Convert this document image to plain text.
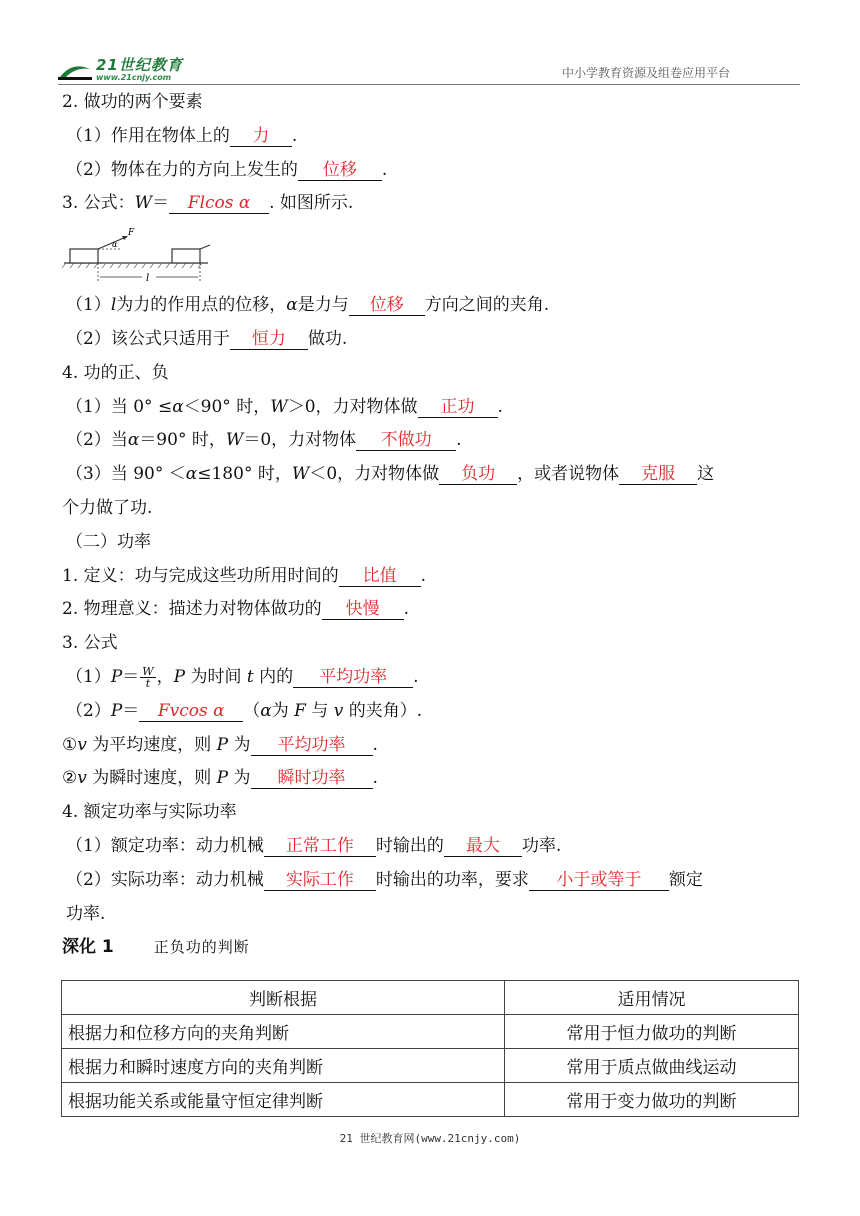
21世纪教育
www.21cnjy.com	中小学教育资源及组卷应用平台
2. 做功的两个要素
（1）作用在物体上的 力 .
（2）物体在力的方向上发生的 位移 .
3. 公式：W＝ Flcos α . 如图所示.
F
α
l
（1）l为力的作用点的位移，α是力与 位移 方向之间的夹角.
（2）该公式只适用于 恒力 做功.
4. 功的正、负
（1）当 0° ≤α＜90° 时，W＞0，力对物体做 正功 .
（2）当α＝90° 时，W＝0，力对物体 不做功 .
（3）当 90° ＜α≤180° 时，W＜0，力对物体做 负功 ，或者说物体 克服 这
个力做了功.
（二）功率
1. 定义：功与完成这些功所用时间的 比值 .
2. 物理意义：描述力对物体做功的 快慢 .
3. 公式
$(1)P= \frac{W}{t}$ ，P 为时间 t 内的 平均功率 .
（2）P＝ Fvcos α （α为 F 与 v 的夹角）.
①v 为平均速度，则 P 为 平均功率 .
②v 为瞬时速度，则 P 为 瞬时功率 .
4. 额定功率与实际功率
（1）额定功率：动力机械 正常工作 时输出的 最大 功率.
（2）实际功率：动力机械 实际工作 时输出的功率，要求 小于或等于 额定
功率.
深化 1	正负功的判断
判断根据	适用情况
根据力和位移方向的夹角判断	常用于恒力做功的判断
根据力和瞬时速度方向的夹角判断	常用于质点做曲线运动
根据功能关系或能量守恒定律判断	常用于变力做功的判断
21 世纪教育网(www.21cnjy.com)
